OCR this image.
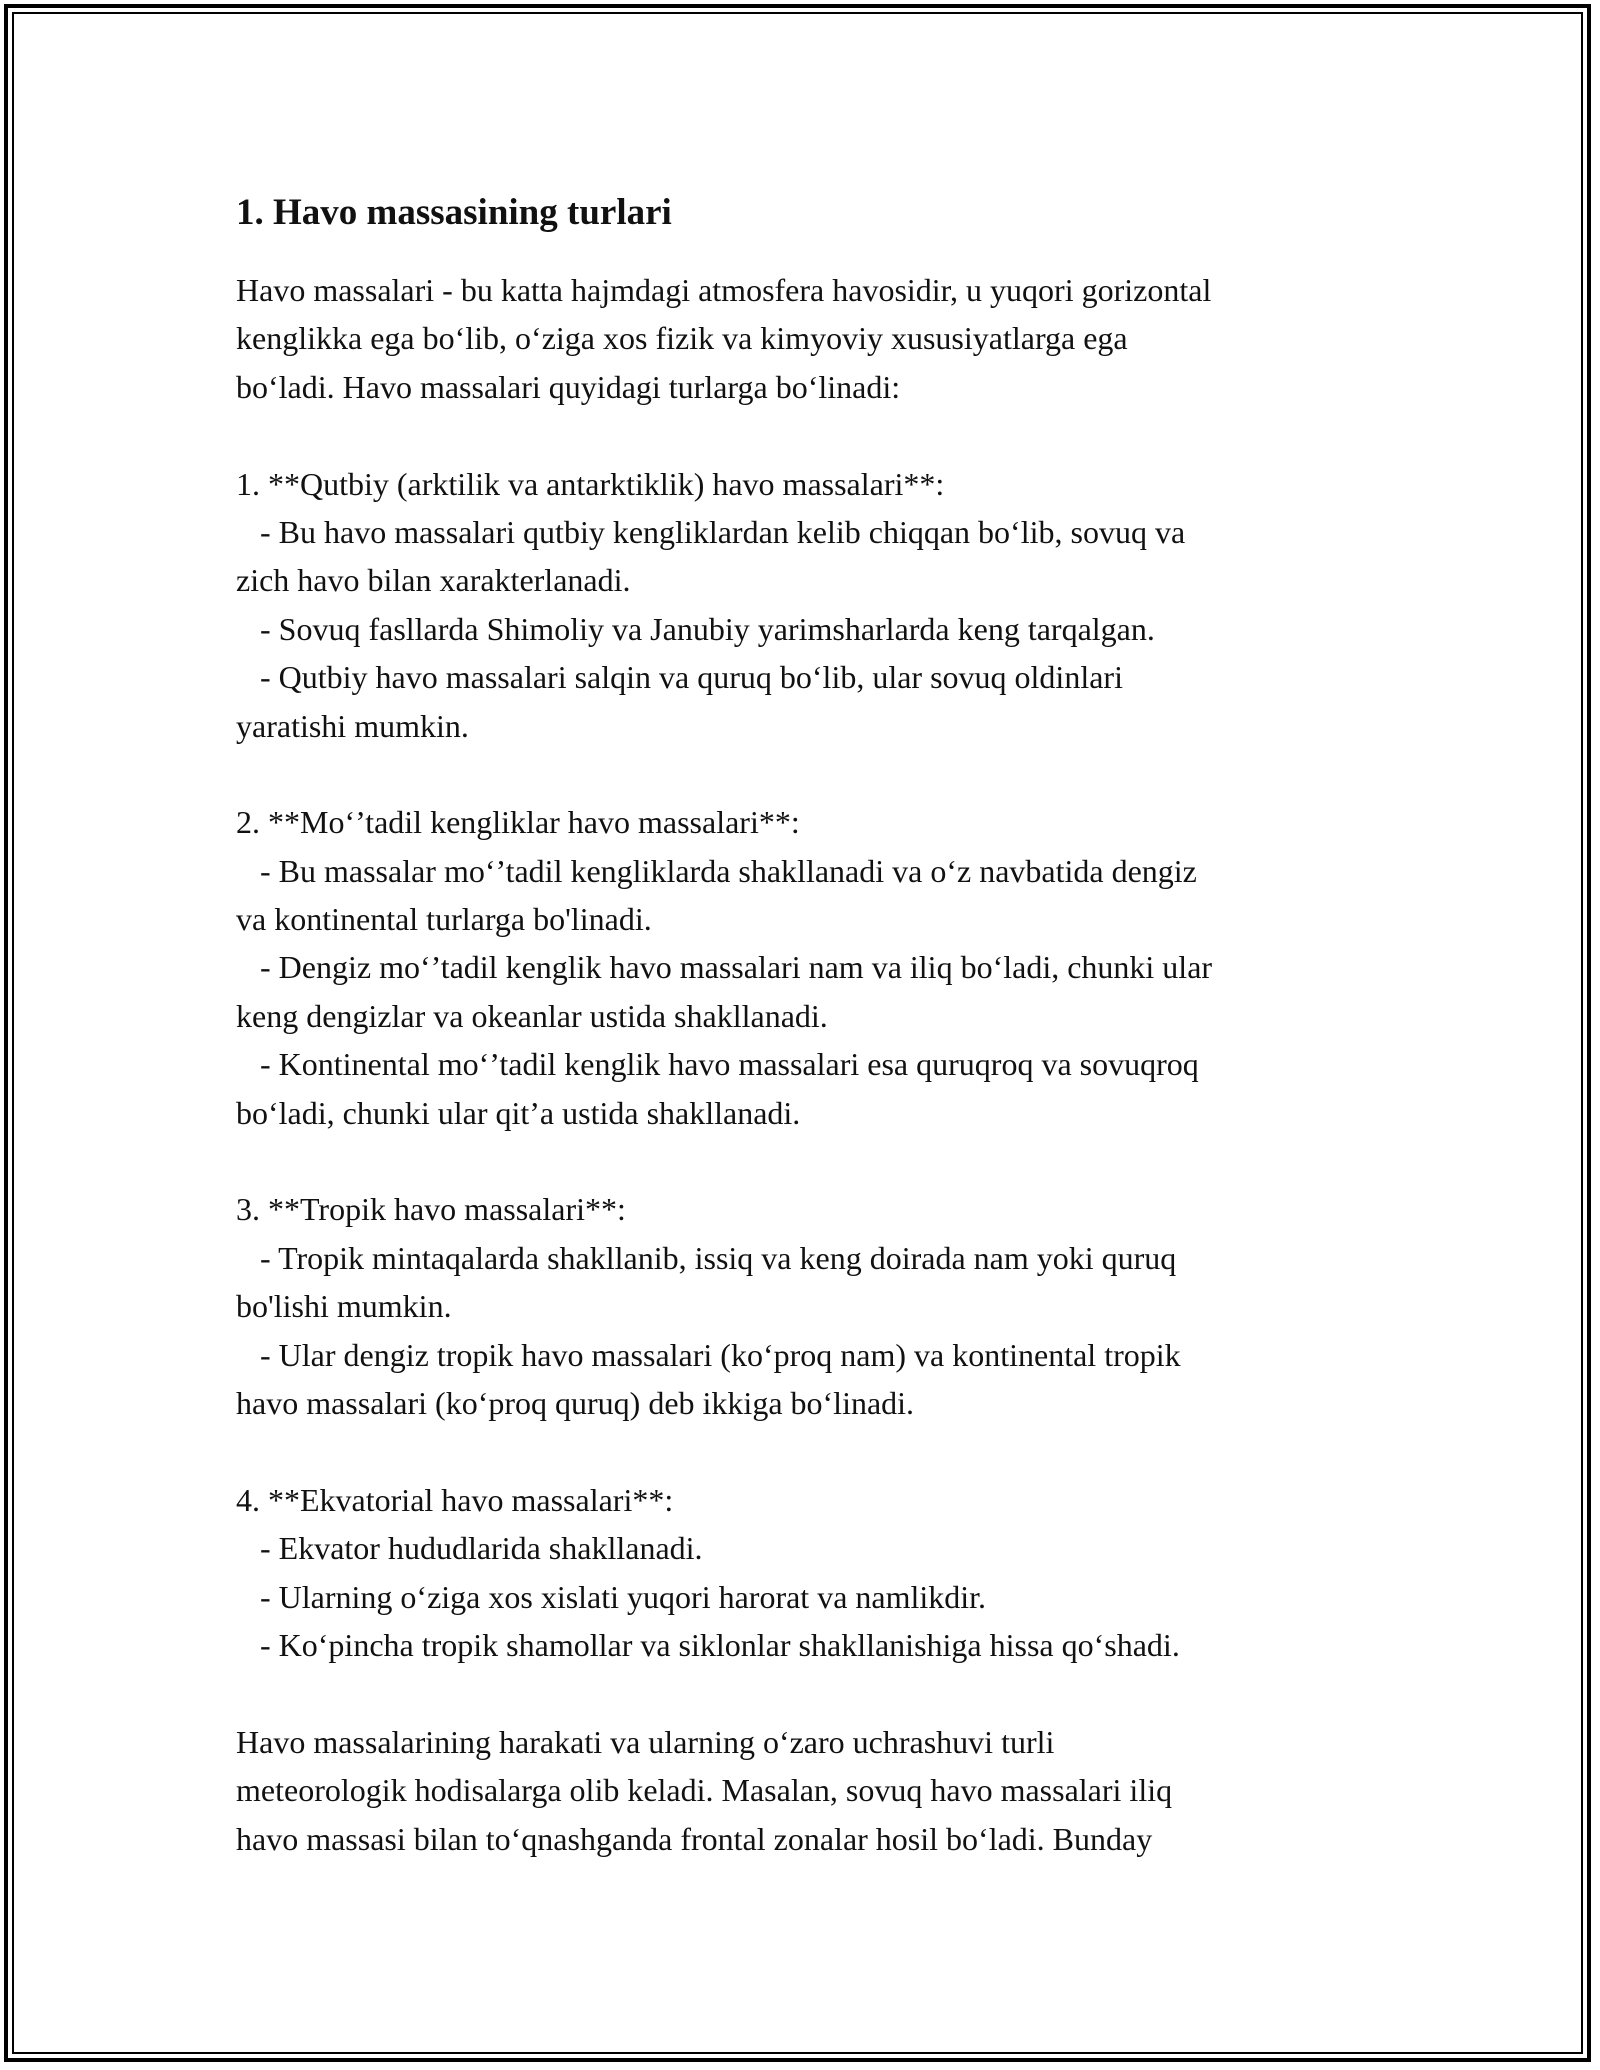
1. Havo massasining turlari

Havo massalari - bu katta hajmdagi atmosfera havosidir, u yuqori gorizontal

kenglikka ega bo‘lib, o‘ziga xos fizik va kimyoviy xususiyatlarga ega

bo‘ladi. Havo massalari quyidagi turlarga bo‘linadi:

1. **Qutbiy (arktilik va antarktiklik) havo massalari**:

- Bu havo massalari qutbiy kengliklardan kelib chiqqan bo‘lib, sovuq va

zich havo bilan xarakterlanadi.

- Sovuq fasllarda Shimoliy va Janubiy yarimsharlarda keng tarqalgan.

- Qutbiy havo massalari salqin va quruq bo‘lib, ular sovuq oldinlari

yaratishi mumkin.

2. **Mo‘’tadil kengliklar havo massalari**:

- Bu massalar mo‘’tadil kengliklarda shakllanadi va o‘z navbatida dengiz

va kontinental turlarga bo'linadi.

- Dengiz mo‘’tadil kenglik havo massalari nam va iliq bo‘ladi, chunki ular

keng dengizlar va okeanlar ustida shakllanadi.

- Kontinental mo‘’tadil kenglik havo massalari esa quruqroq va sovuqroq

bo‘ladi, chunki ular qit’a ustida shakllanadi.

3. **Tropik havo massalari**:

- Tropik mintaqalarda shakllanib, issiq va keng doirada nam yoki quruq

bo'lishi mumkin.

- Ular dengiz tropik havo massalari (ko‘proq nam) va kontinental tropik

havo massalari (ko‘proq quruq) deb ikkiga bo‘linadi.

4. **Ekvatorial havo massalari**:

- Ekvator hududlarida shakllanadi.

- Ularning o‘ziga xos xislati yuqori harorat va namlikdir.

- Ko‘pincha tropik shamollar va siklonlar shakllanishiga hissa qo‘shadi.

Havo massalarining harakati va ularning o‘zaro uchrashuvi turli

meteorologik hodisalarga olib keladi. Masalan, sovuq havo massalari iliq

havo massasi bilan to‘qnashganda frontal zonalar hosil bo‘ladi. Bunday
